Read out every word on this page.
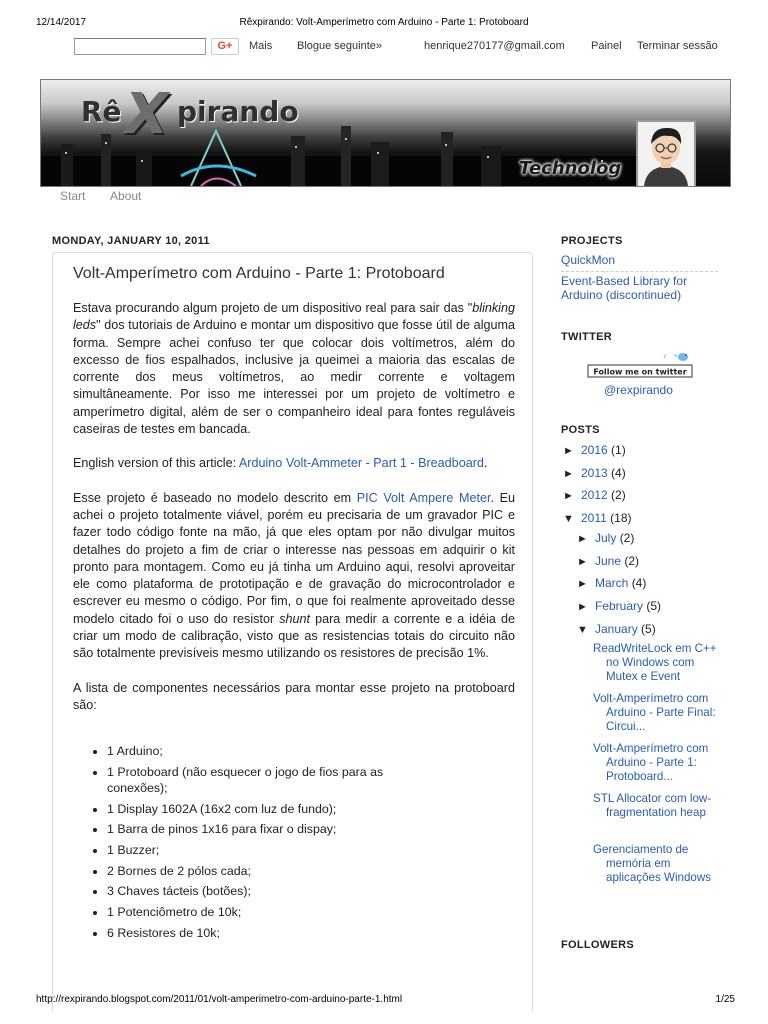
12/14/2017	Rêxpirando: Volt-Amperímetro com Arduino - Parte 1: Protoboard
G+	Mais Blogue seguinte»	henrique270177@gmail.com Painel Terminar sessão
Rê X pirando
Technolog
Start About
MONDAY, JANUARY 10, 2011
Volt-Amperímetro com Arduino - Parte 1: Protoboard

Estava procurando algum projeto de um dispositivo real para sair das "blinking leds" dos tutoriais de Arduino e montar um dispositivo que fosse útil de alguma forma. Sempre achei confuso ter que colocar dois voltímetros, além do excesso de fios espalhados, inclusive ja queimei a maioria das escalas de corrente dos meus voltímetros, ao medir corrente e voltagem simultâneamente. Por isso me interessei por um projeto de voltímetro e amperímetro digital, além de ser o companheiro ideal para fontes reguláveis caseiras de testes em bancada.

English version of this article: Arduino Volt-Ammeter - Part 1 - Breadboard.

Esse projeto é baseado no modelo descrito em PIC Volt Ampere Meter. Eu achei o projeto totalmente viável, porém eu precisaria de um gravador PIC e fazer todo código fonte na mão, já que eles optam por não divulgar muitos detalhes do projeto a fim de criar o interesse nas pessoas em adquirir o kit pronto para montagem. Como eu já tinha um Arduino aqui, resolvi aproveitar ele como plataforma de prototipação e de gravação do microcontrolador e escrever eu mesmo o código. Por fim, o que foi realmente aproveitado desse modelo citado foi o uso do resistor shunt para medir a corrente e a idéia de criar um modo de calibração, visto que as resistencias totais do circuito não são totalmente previsíveis mesmo utilizando os resistores de precisão 1%.

A lista de componentes necessários para montar esse projeto na protoboard são:

• 1 Arduino;
• 1 Protoboard (não esquecer o jogo de fios para as conexões);
• 1 Display 1602A (16x2 com luz de fundo);
• 1 Barra de pinos 1x16 para fixar o dispay;
• 1 Buzzer;
• 2 Bornes de 2 pólos cada;
• 3 Chaves tácteis (botões);
• 1 Potenciômetro de 10k;
• 6 Resistores de 10k;
PROJECTS
QuickMon
Event-Based Library for Arduino (discontinued)
TWITTER
Follow me on twitter
♪
@rexpirando
POSTS
► 2016 (1)
► 2013 (4)
► 2012 (2)
▼ 2011 (18)
► July (2)
► June (2)
► March (4)
► February (5)
▼ January (5)
ReadWriteLock em C++ no Windows com Mutex e Event
Volt-Amperímetro com Arduino - Parte Final: Circui...
Volt-Amperímetro com Arduino - Parte 1: Protoboard...
STL Allocator com low-fragmentation heap
Gerenciamento de memória em aplicações Windows
FOLLOWERS
http://rexpirando.blogspot.com/2011/01/volt-amperimetro-com-arduino-parte-1.html	1/25
